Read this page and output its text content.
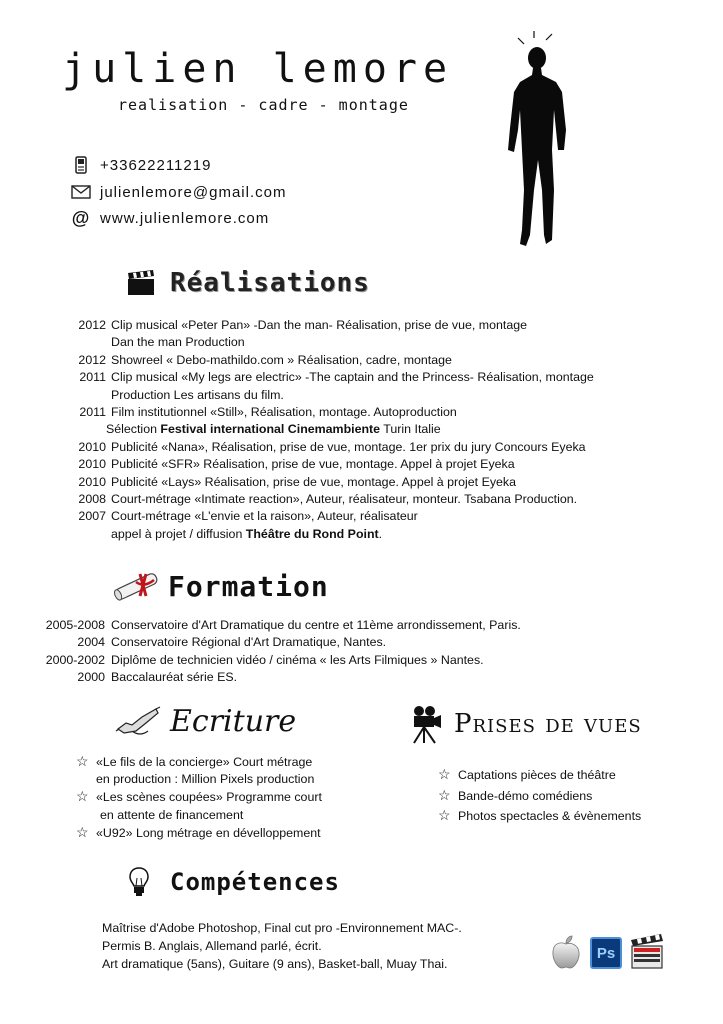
julien lemore
realisation - cadre - montage
+33622211219
julienlemore@gmail.com
@ www.julienlemore.com
Réalisations
2012 Clip musical «Peter Pan» -Dan the man- Réalisation, prise de vue, montage
Dan the man Production
2012 Showreel « Debo-mathildo.com » Réalisation, cadre, montage
2011 Clip musical «My legs are electric» -The captain and the Princess- Réalisation, montage
Production Les artisans du film.
2011 Film institutionnel «Still», Réalisation, montage. Autoproduction
Sélection Festival international Cinemambiente Turin Italie
2010 Publicité «Nana», Réalisation, prise de vue, montage. 1er prix du jury Concours Eyeka
2010 Publicité «SFR» Réalisation, prise de vue, montage. Appel à projet Eyeka
2010 Publicité «Lays» Réalisation, prise de vue, montage. Appel à projet Eyeka
2008 Court-métrage «Intimate reaction», Auteur, réalisateur, monteur. Tsabana Production.
2007 Court-métrage «L'envie et la raison», Auteur, réalisateur
appel à projet / diffusion Théâtre du Rond Point.
Formation
2005-2008 Conservatoire d'Art Dramatique du centre et 11ème arrondissement, Paris.
2004 Conservatoire Régional d'Art Dramatique, Nantes.
2000-2002 Diplôme de technicien vidéo / cinéma « les Arts Filmiques » Nantes.
2000 Baccalauréat série ES.
Ecriture
☆ «Le fils de la concierge» Court métrage
en production : Million Pixels production
☆ «Les scènes coupées» Programme court
en attente de financement
☆ «U92» Long métrage en dévelloppement
Prises de vues
☆ Captations pièces de théâtre
☆ Bande-démo comédiens
☆ Photos spectacles & évènements
Compétences
Maîtrise d'Adobe Photoshop, Final cut pro -Environnement MAC-.
Permis B. Anglais, Allemand parlé, écrit.
Art dramatique (5ans), Guitare (9 ans), Basket-ball, Muay Thai.
Ps
